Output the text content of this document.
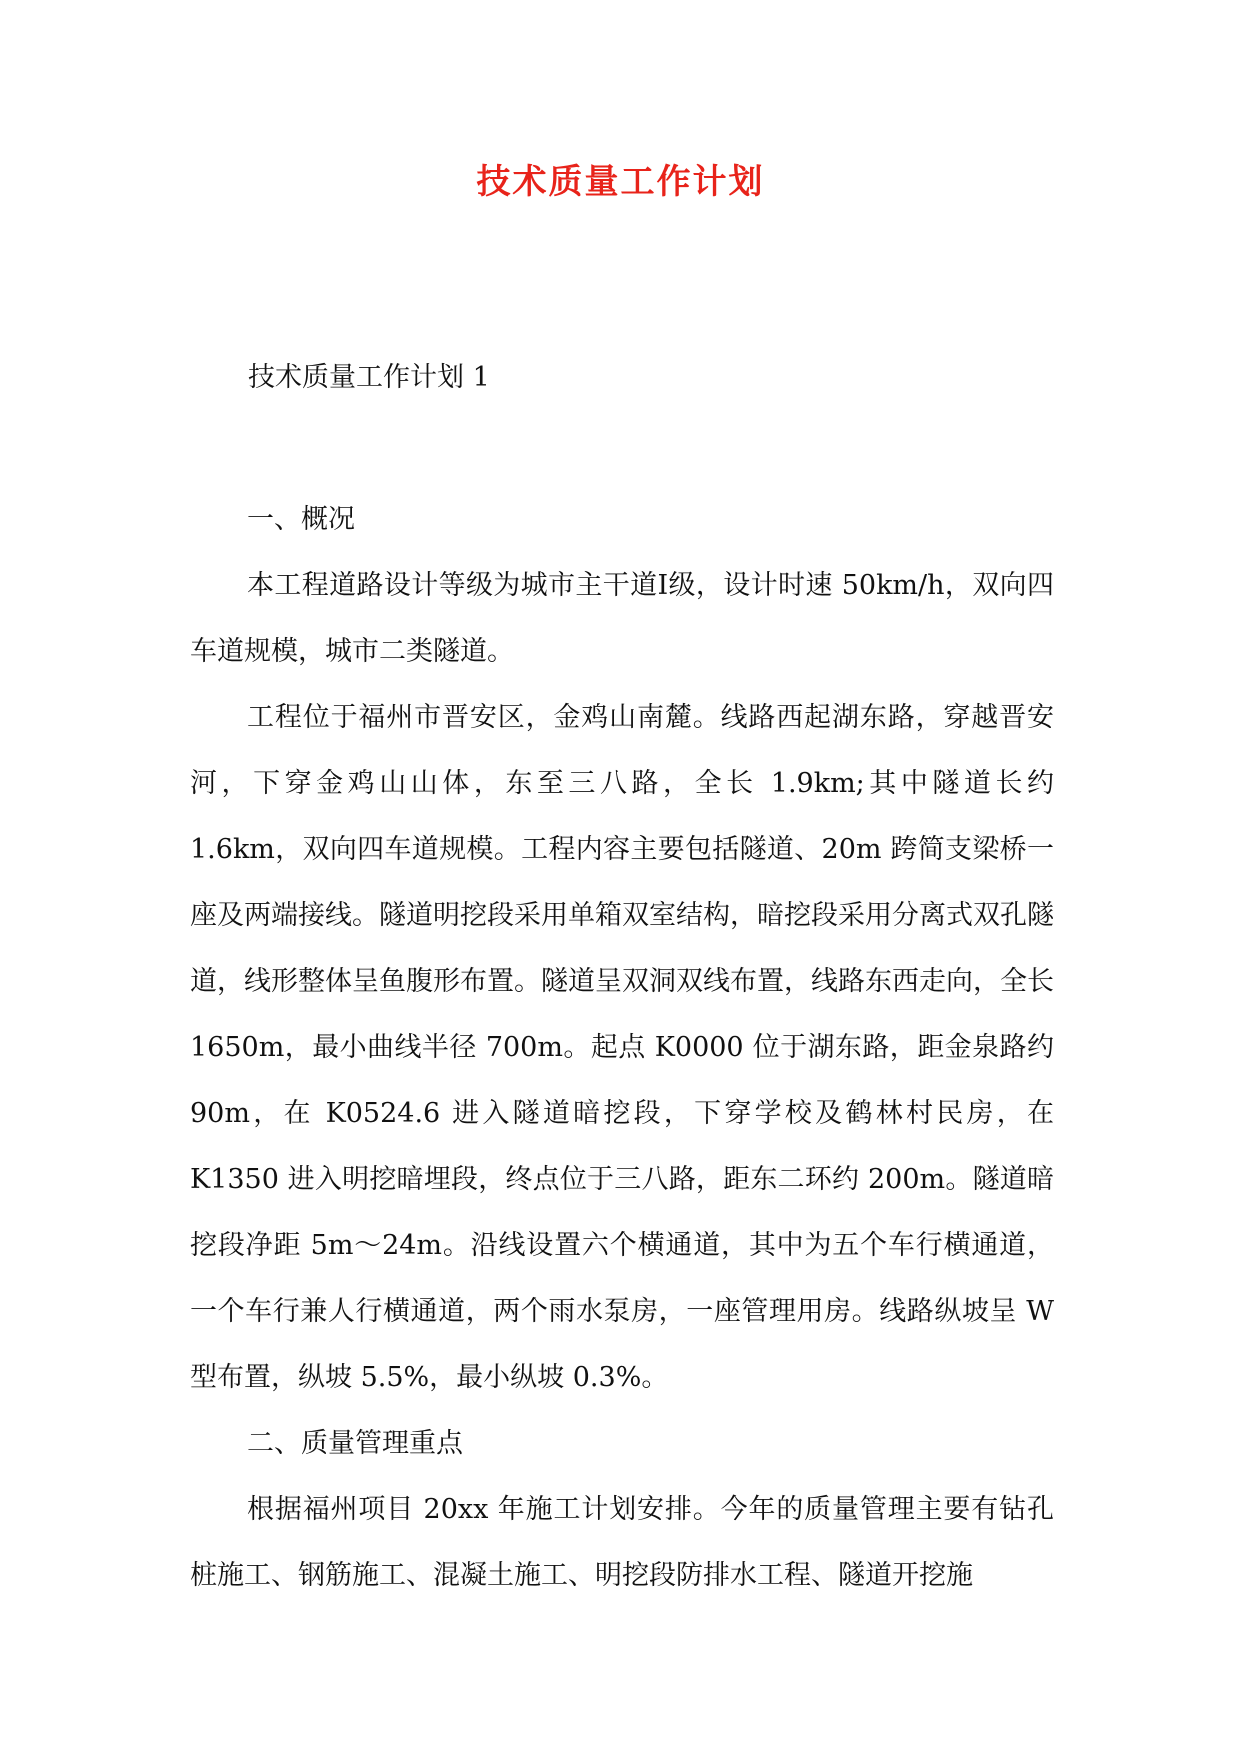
技术质量工作计划
技术质量工作计划 1
一、概况

本工程道路设计等级为城市主干道Ⅰ级，设计时速 50km/h，双向四车道规模，城市二类隧道。

工程位于福州市晋安区，金鸡山南麓。线路西起湖东路，穿越晋安河，下穿金鸡山山体，东至三八路，全长 1.9km;其中隧道长约 1.6km，双向四车道规模。工程内容主要包括隧道、20m 跨简支梁桥一座及两端接线。隧道明挖段采用单箱双室结构，暗挖段采用分离式双孔隧道，线形整体呈鱼腹形布置。隧道呈双洞双线布置，线路东西走向，全长 1650m，最小曲线半径 700m。起点 K0000 位于湖东路，距金泉路约 90m，在 K0524.6 进入隧道暗挖段，下穿学校及鹤林村民房，在 K1350 进入明挖暗埋段，终点位于三八路，距东二环约 200m。隧道暗挖段净距 5m～24m。沿线设置六个横通道，其中为五个车行横通道，一个车行兼人行横通道，两个雨水泵房，一座管理用房。线路纵坡呈 W 型布置，纵坡 5.5%，最小纵坡 0.3%。

二、质量管理重点

根据福州项目 20xx 年施工计划安排。今年的质量管理主要有钻孔桩施工、钢筋施工、混凝土施工、明挖段防排水工程、隧道开挖施
